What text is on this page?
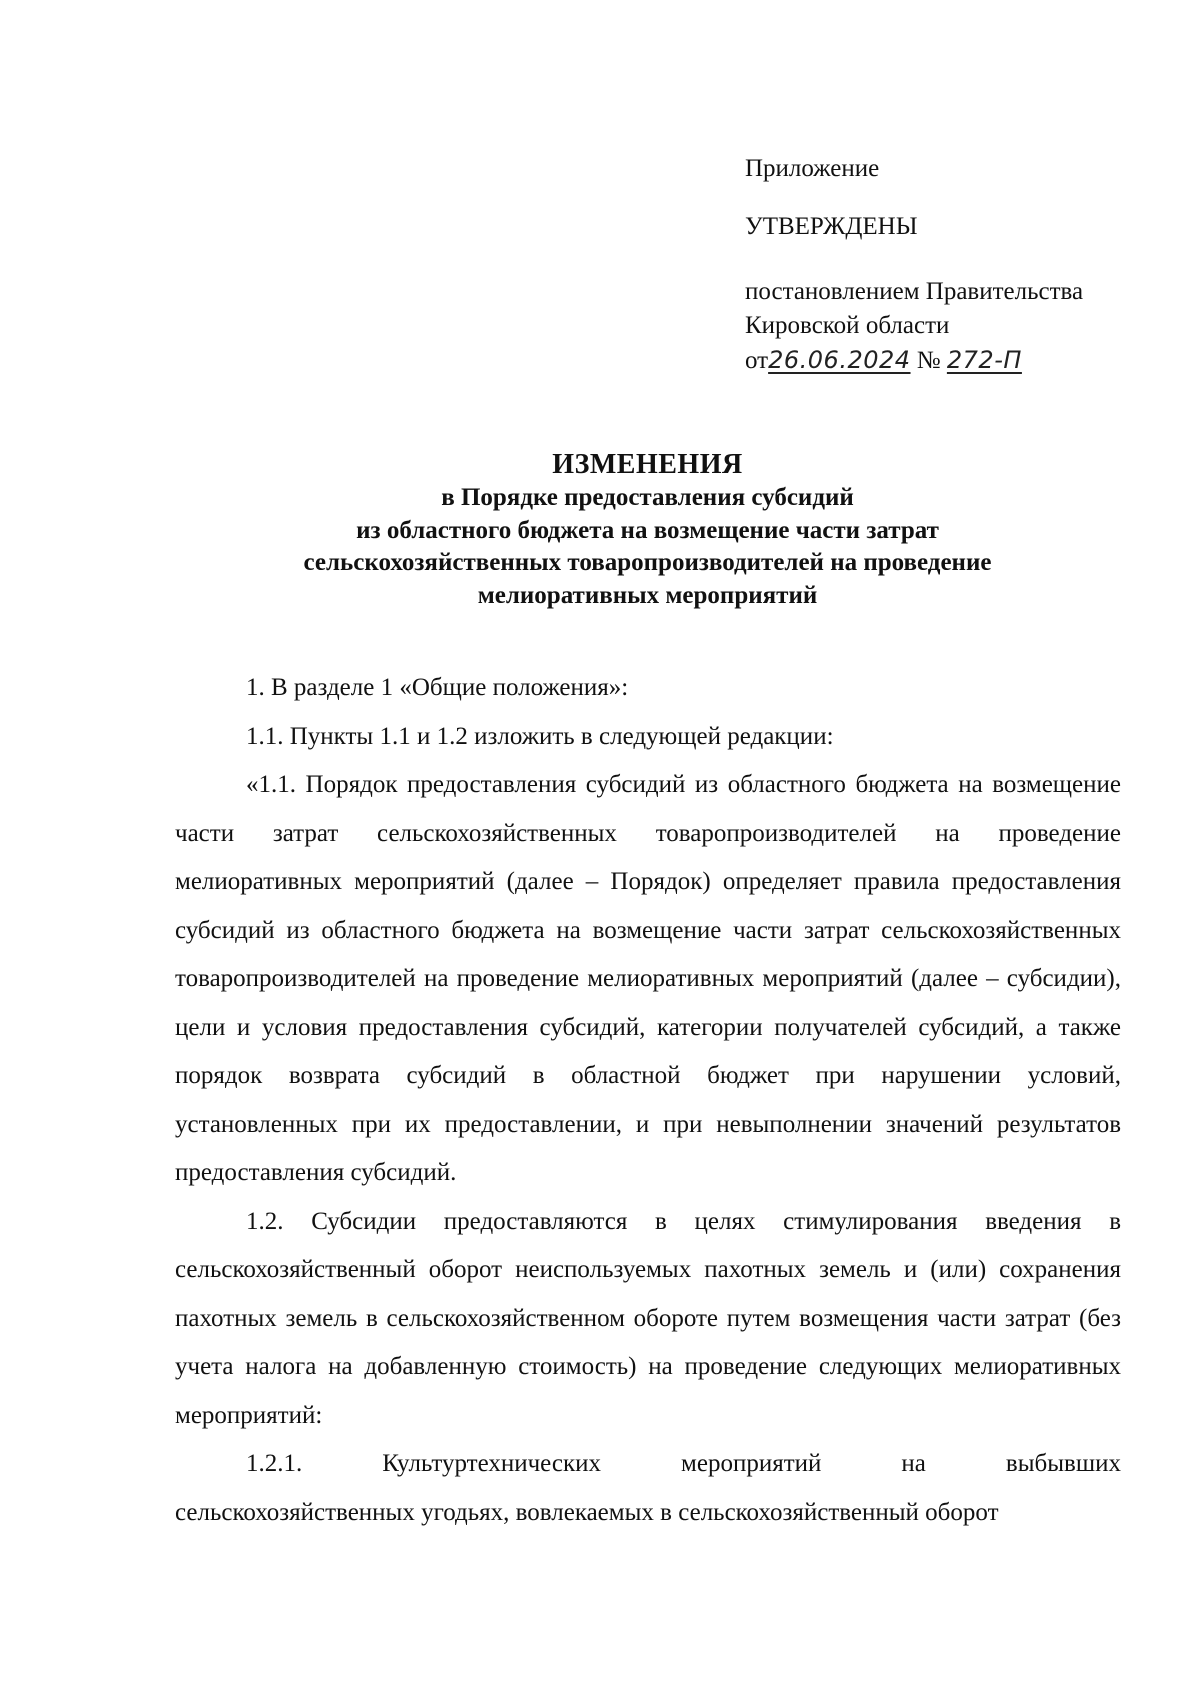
Приложение
УТВЕРЖДЕНЫ
постановлением Правительства
Кировской области
от26.06.2024 № 272-П
ИЗМЕНЕНИЯ
в Порядке предоставления субсидий
из областного бюджета на возмещение части затрат
сельскохозяйственных товаропроизводителей на проведение
мелиоративных мероприятий

1. В разделе 1 «Общие положения»:

1.1. Пункты 1.1 и 1.2 изложить в следующей редакции:

«1.1. Порядок предоставления субсидий из областного бюджета на возмещение части затрат сельскохозяйственных товаропроизводителей на проведение мелиоративных мероприятий (далее – Порядок) определяет правила предоставления субсидий из областного бюджета на возмещение части затрат сельскохозяйственных товаропроизводителей на проведение мелиоративных мероприятий (далее – субсидии), цели и условия предоставления субсидий, категории получателей субсидий, а также порядок возврата субсидий в областной бюджет при нарушении условий, установленных при их предоставлении, и при невыполнении значений результатов предоставления субсидий.

1.2. Субсидии предоставляются в целях стимулирования введения в сельскохозяйственный оборот неиспользуемых пахотных земель и (или) сохранения пахотных земель в сельскохозяйственном обороте путем возмещения части затрат (без учета налога на добавленную стоимость) на проведение следующих мелиоративных мероприятий:

1.2.1.	Культуртехнических	мероприятий	на	выбывших

сельскохозяйственных угодьях, вовлекаемых в сельскохозяйственный оборот
